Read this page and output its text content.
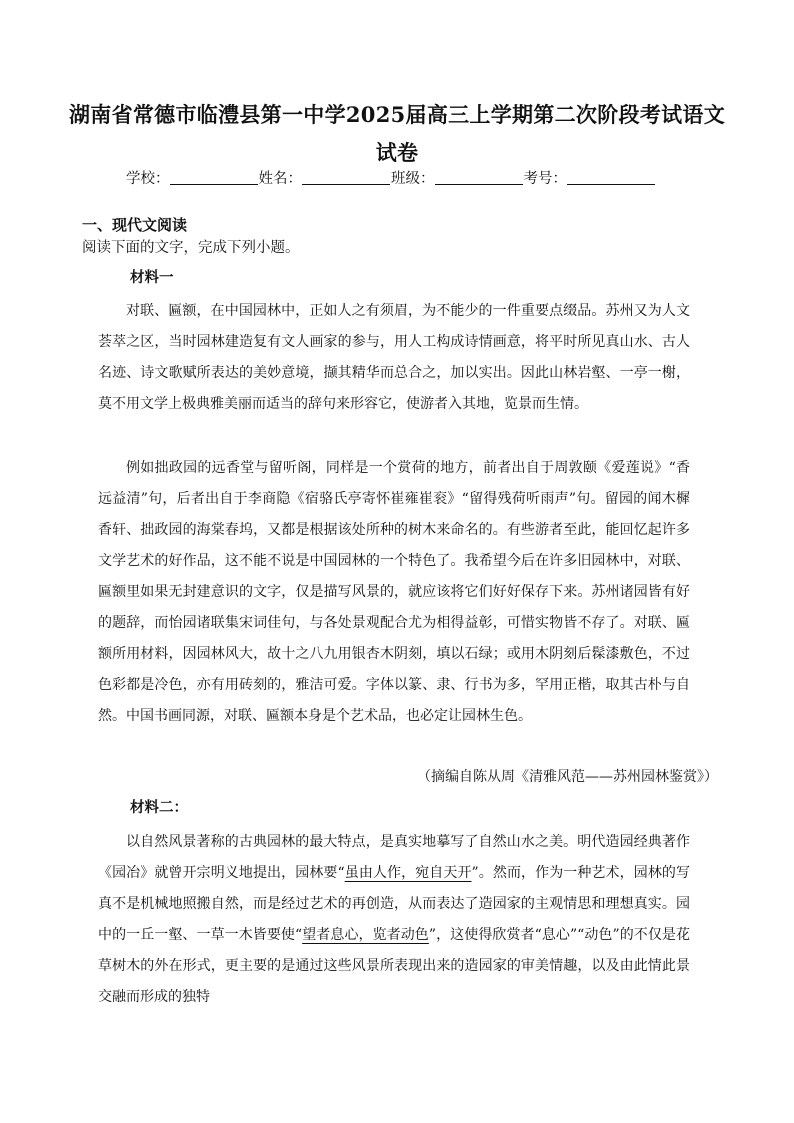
湖南省常德市临澧县第一中学2025届高三上学期第二次阶段考试语文试卷
学校：	姓名：	班级：	考号：
一、现代文阅读
阅读下面的文字，完成下列小题。
材料一

对联、匾额，在中国园林中，正如人之有须眉，为不能少的一件重要点缀品。苏州又为人文荟萃之区，当时园林建造复有文人画家的参与，用人工构成诗情画意，将平时所见真山水、古人名迹、诗文歌赋所表达的美妙意境，撷其精华而总合之，加以实出。因此山林岩壑、一亭一榭，莫不用文学上极典雅美丽而适当的辞句来形容它，使游者入其地，览景而生情。

例如拙政园的远香堂与留听阁，同样是一个赏荷的地方，前者出自于周敦颐《爱莲说》“香远益清”句，后者出自于李商隐《宿骆氏亭寄怀崔雍崔衮》“留得残荷听雨声”句。留园的闻木樨香轩、拙政园的海棠春坞，又都是根据该处所种的树木来命名的。有些游者至此，能回忆起许多文学艺术的好作品，这不能不说是中国园林的一个特色了。我希望今后在许多旧园林中，对联、匾额里如果无封建意识的文字，仅是描写风景的，就应该将它们好好保存下来。苏州诸园皆有好的题辞，而怡园诸联集宋词佳句，与各处景观配合尤为相得益彰，可惜实物皆不存了。对联、匾额所用材料，因园林风大，故十之八九用银杏木阴刻，填以石绿；或用木阴刻后髹漆敷色，不过色彩都是冷色，亦有用砖刻的，雅洁可爱。字体以篆、隶、行书为多，罕用正楷，取其古朴与自然。中国书画同源，对联、匾额本身是个艺术品，也必定让园林生色。

（摘编自陈从周《清雅风范——苏州园林鉴赏》）
材料二：

以自然风景著称的古典园林的最大特点，是真实地摹写了自然山水之美。明代造园经典著作《园冶》就曾开宗明义地提出，园林要“虽由人作，宛自天开”。然而，作为一种艺术，园林的写真不是机械地照搬自然，而是经过艺术的再创造，从而表达了造园家的主观情思和理想真实。园中的一丘一壑、一草一木皆要使“望者息心，览者动色”，这使得欣赏者“息心”“动色”的不仅是花草树木的外在形式，更主要的是通过这些风景所表现出来的造园家的审美情趣，以及由此情此景交融而形成的独特
